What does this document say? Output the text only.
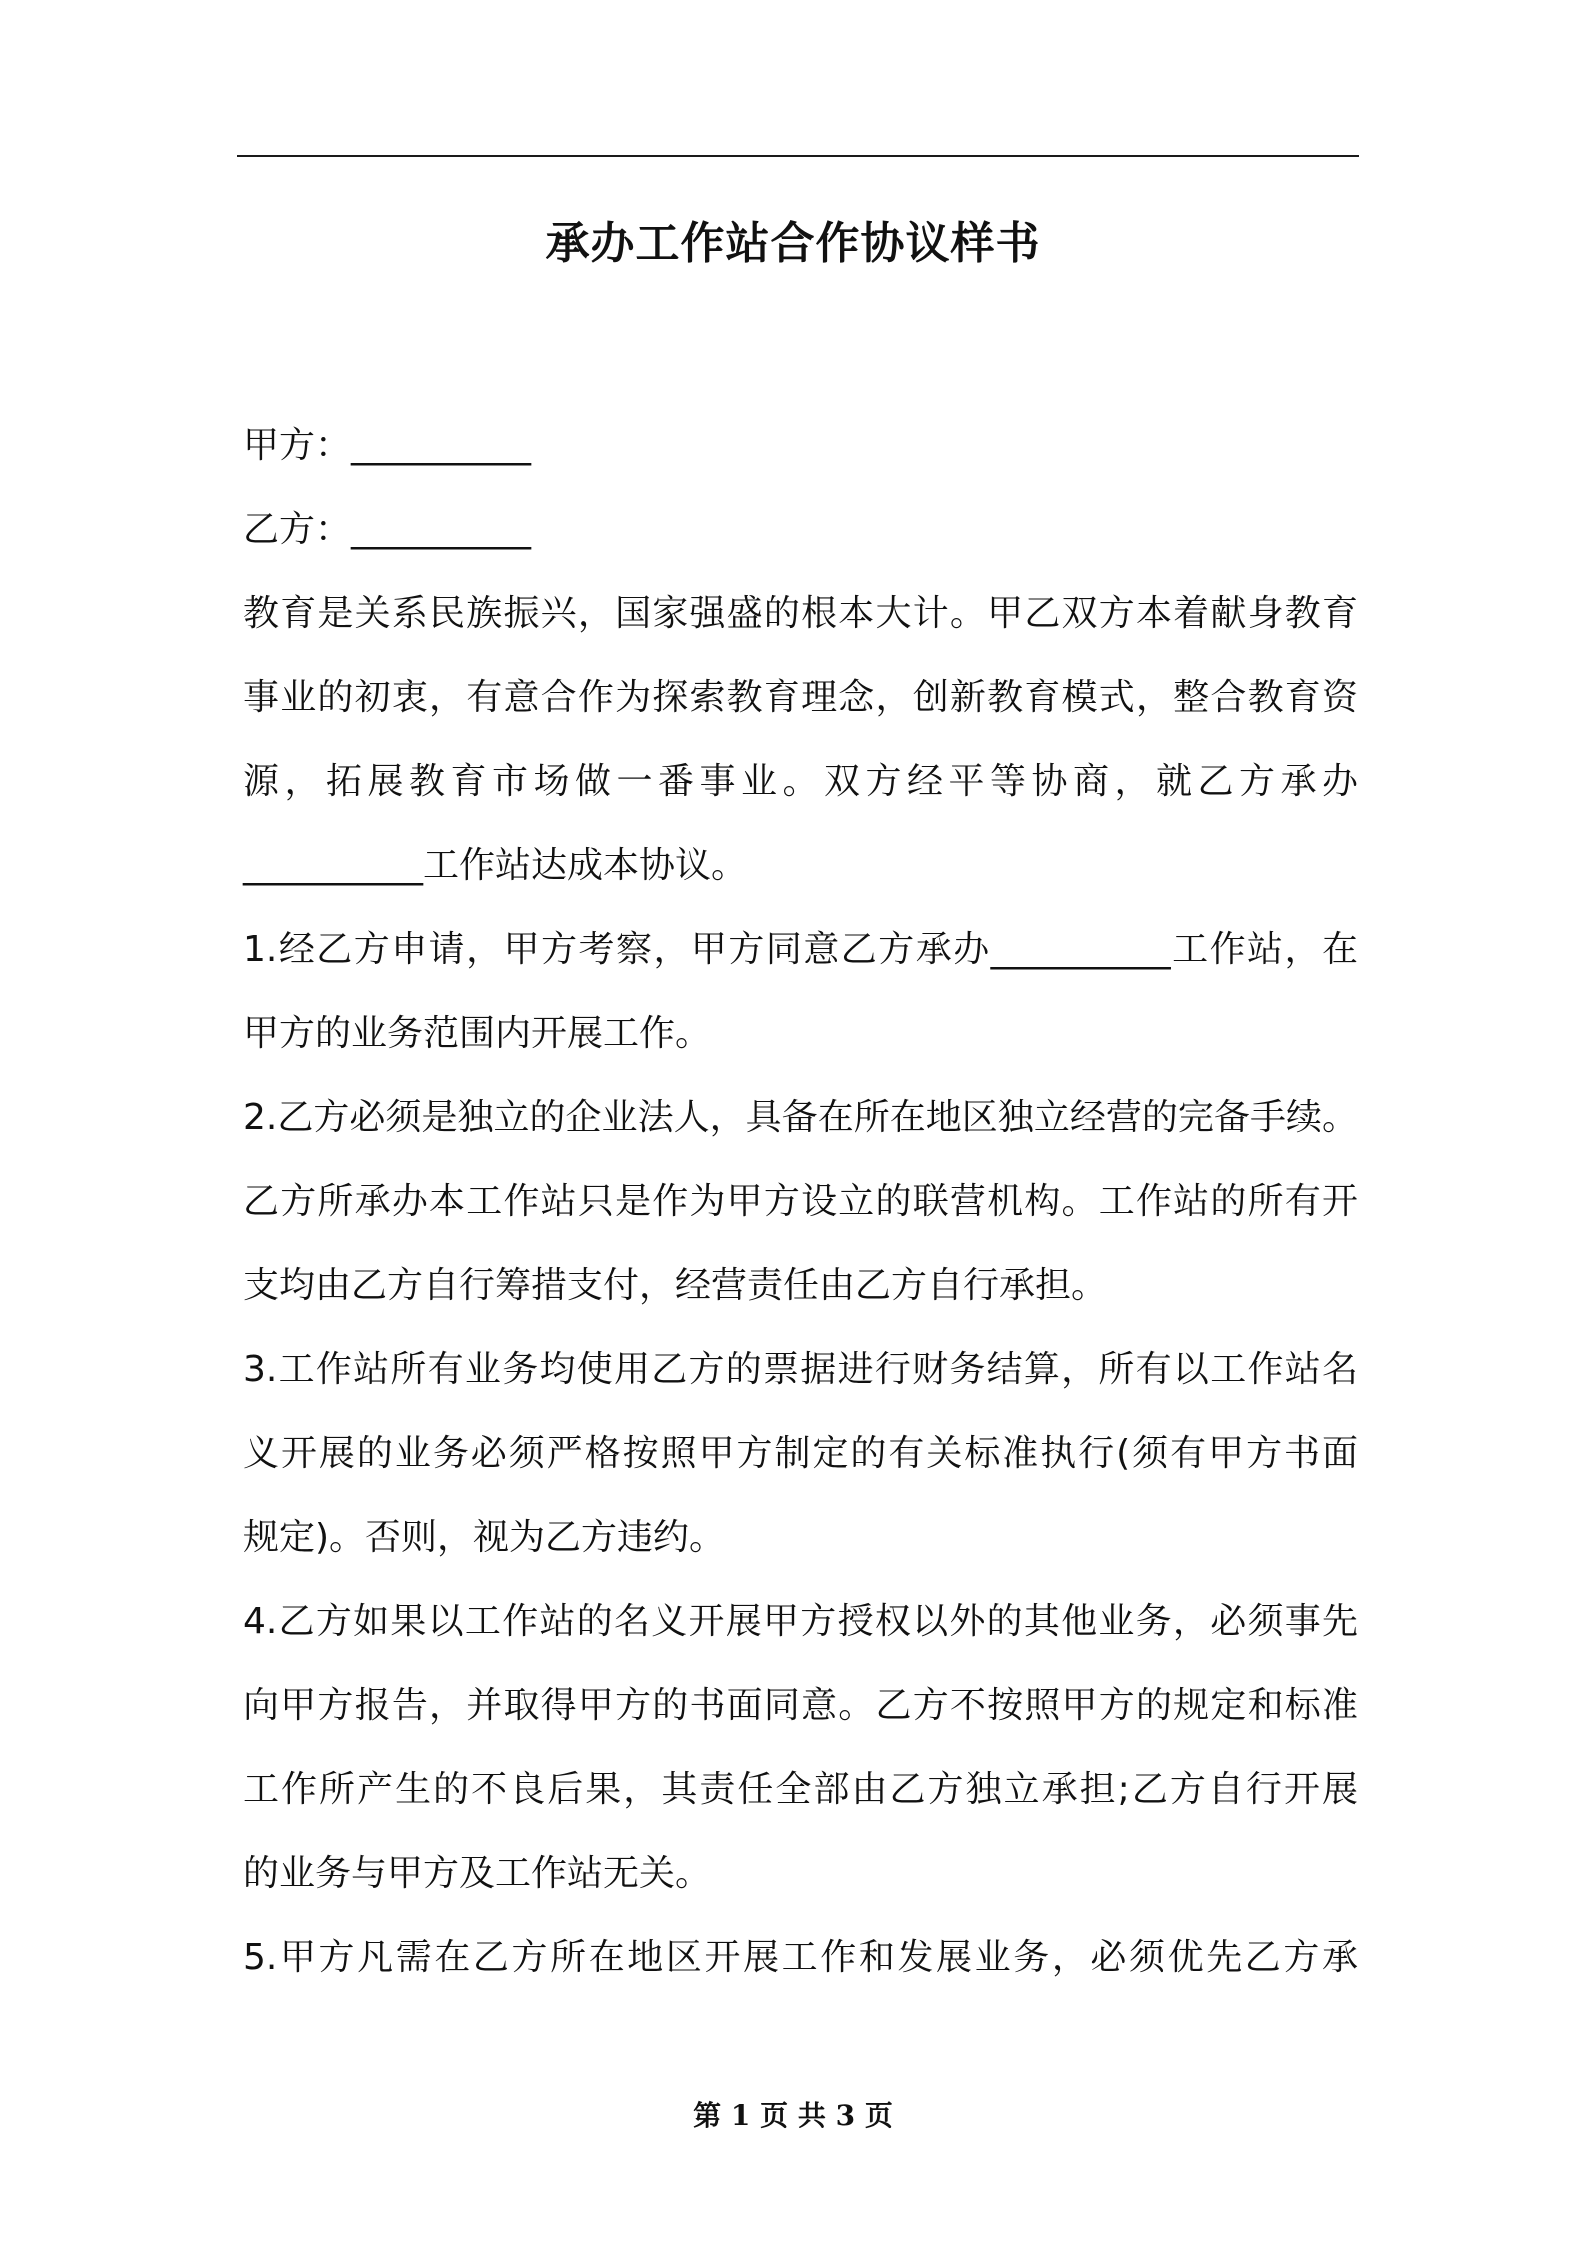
承办工作站合作协议样书
甲方：__________
乙方：__________
教育是关系民族振兴，国家强盛的根本大计。甲乙双方本着献身教育
事业的初衷，有意合作为探索教育理念，创新教育模式，整合教育资
源，拓展教育市场做一番事业。双方经平等协商，就乙方承办
__________工作站达成本协议。
1.经乙方申请，甲方考察，甲方同意乙方承办__________工作站，在
甲方的业务范围内开展工作。
2.乙方必须是独立的企业法人，具备在所在地区独立经营的完备手续。
乙方所承办本工作站只是作为甲方设立的联营机构。工作站的所有开
支均由乙方自行筹措支付，经营责任由乙方自行承担。
3.工作站所有业务均使用乙方的票据进行财务结算，所有以工作站名
义开展的业务必须严格按照甲方制定的有关标准执行(须有甲方书面
规定)。否则，视为乙方违约。
4.乙方如果以工作站的名义开展甲方授权以外的其他业务，必须事先
向甲方报告，并取得甲方的书面同意。乙方不按照甲方的规定和标准
工作所产生的不良后果，其责任全部由乙方独立承担;乙方自行开展
的业务与甲方及工作站无关。
5.甲方凡需在乙方所在地区开展工作和发展业务，必须优先乙方承
第 1 页 共 3 页
